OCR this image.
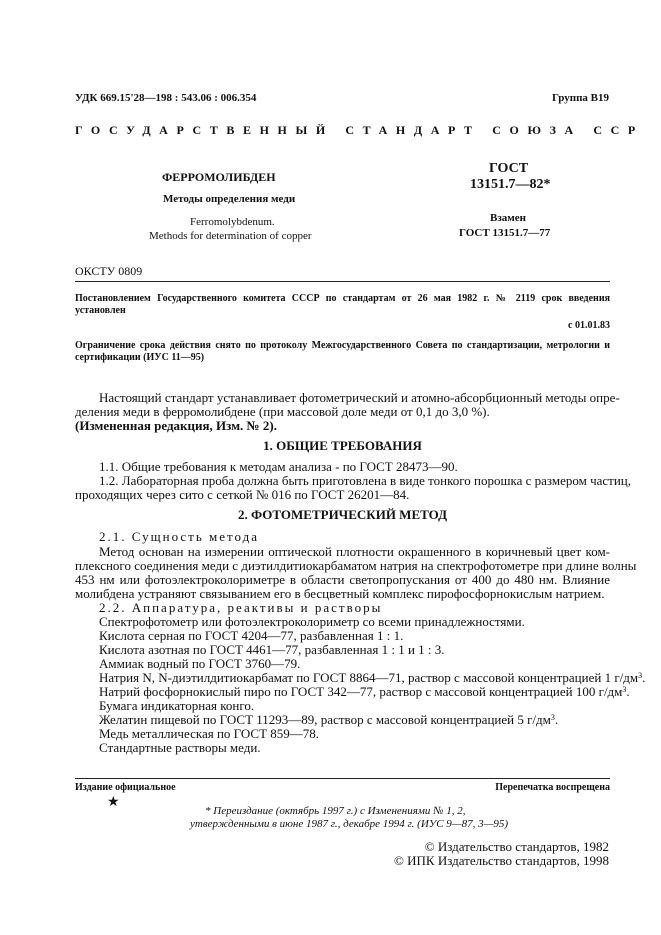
УДК 669.15'28—198 : 543.06 : 006.354	Группа В19
ГОСУДАРСТВЕННЫЙ СТАНДАРТ СОЮЗА ССР
ФЕРРОМОЛИБДЕН
Методы определения меди
Ferromolybdenum.
Methods for determination of copper
ГОСТ
13151.7—82*
Взамен
ГОСТ 13151.7—77
ОКСТУ 0809
Постановлением Государственного комитета СССР по стандартам от 26 мая 1982 г. № 2119 срок введения
установлен
с 01.01.83
Ограничение срока действия снято по протоколу Межгосударственного Совета по стандартизации, метрологии и
сертификации (ИУС 11—95)
Настоящий стандарт устанавливает фотометрический и атомно-абсорбционный методы опре-
деления меди в ферромолибдене (при массовой доле меди от 0,1 до 3,0 %).
(Измененная редакция, Изм. № 2).
1. ОБЩИЕ ТРЕБОВАНИЯ
1.1. Общие требования к методам анализа - по ГОСТ 28473—90.
1.2. Лабораторная проба должна быть приготовлена в виде тонкого порошка с размером частиц,
проходящих через сито с сеткой № 016 по ГОСТ 26201—84.
2. ФОТОМЕТРИЧЕСКИЙ МЕТОД
2.1. Сущность метода
Метод основан на измерении оптической плотности окрашенного в коричневый цвет ком-
плексного соединения меди с диэтилдитиокарбаматом натрия на спектрофотометре при длине волны
453 нм или фотоэлектроколориметре в области светопропускания от 400 до 480 нм. Влияние
молибдена устраняют связыванием его в бесцветный комплекс пирофосфорнокислым натрием.
2.2. Аппаратура, реактивы и растворы
Спектрофотометр или фотоэлектроколориметр со всеми принадлежностями.
Кислота серная по ГОСТ 4204—77, разбавленная 1 : 1.
Кислота азотная по ГОСТ 4461—77, разбавленная 1 : 1 и 1 : 3.
Аммиак водный по ГОСТ 3760—79.
Натрия N, N-диэтилдитиокарбамат по ГОСТ 8864—71, раствор с массовой концентрацией 1 $г/дм^3$.
Натрий фосфорнокислый пиро по ГОСТ 342—77, раствор с массовой концентрацией 100 $г/дм^3$.
Бумага индикаторная конго.
Желатин пищевой по ГОСТ 11293—89, раствор с массовой концентрацией 5 $г/дм^3$.
Медь металлическая по ГОСТ 859—78.
Стандартные растворы меди.
Издание официальное	Перепечатка воспрещена
★
* Переиздание (октябрь 1997 г.) с Изменениями № 1, 2,
утвержденными в июне 1987 г., декабре 1994 г. (ИУС 9—87, 3—95)
© Издательство стандартов, 1982
© ИПК Издательство стандартов, 1998
